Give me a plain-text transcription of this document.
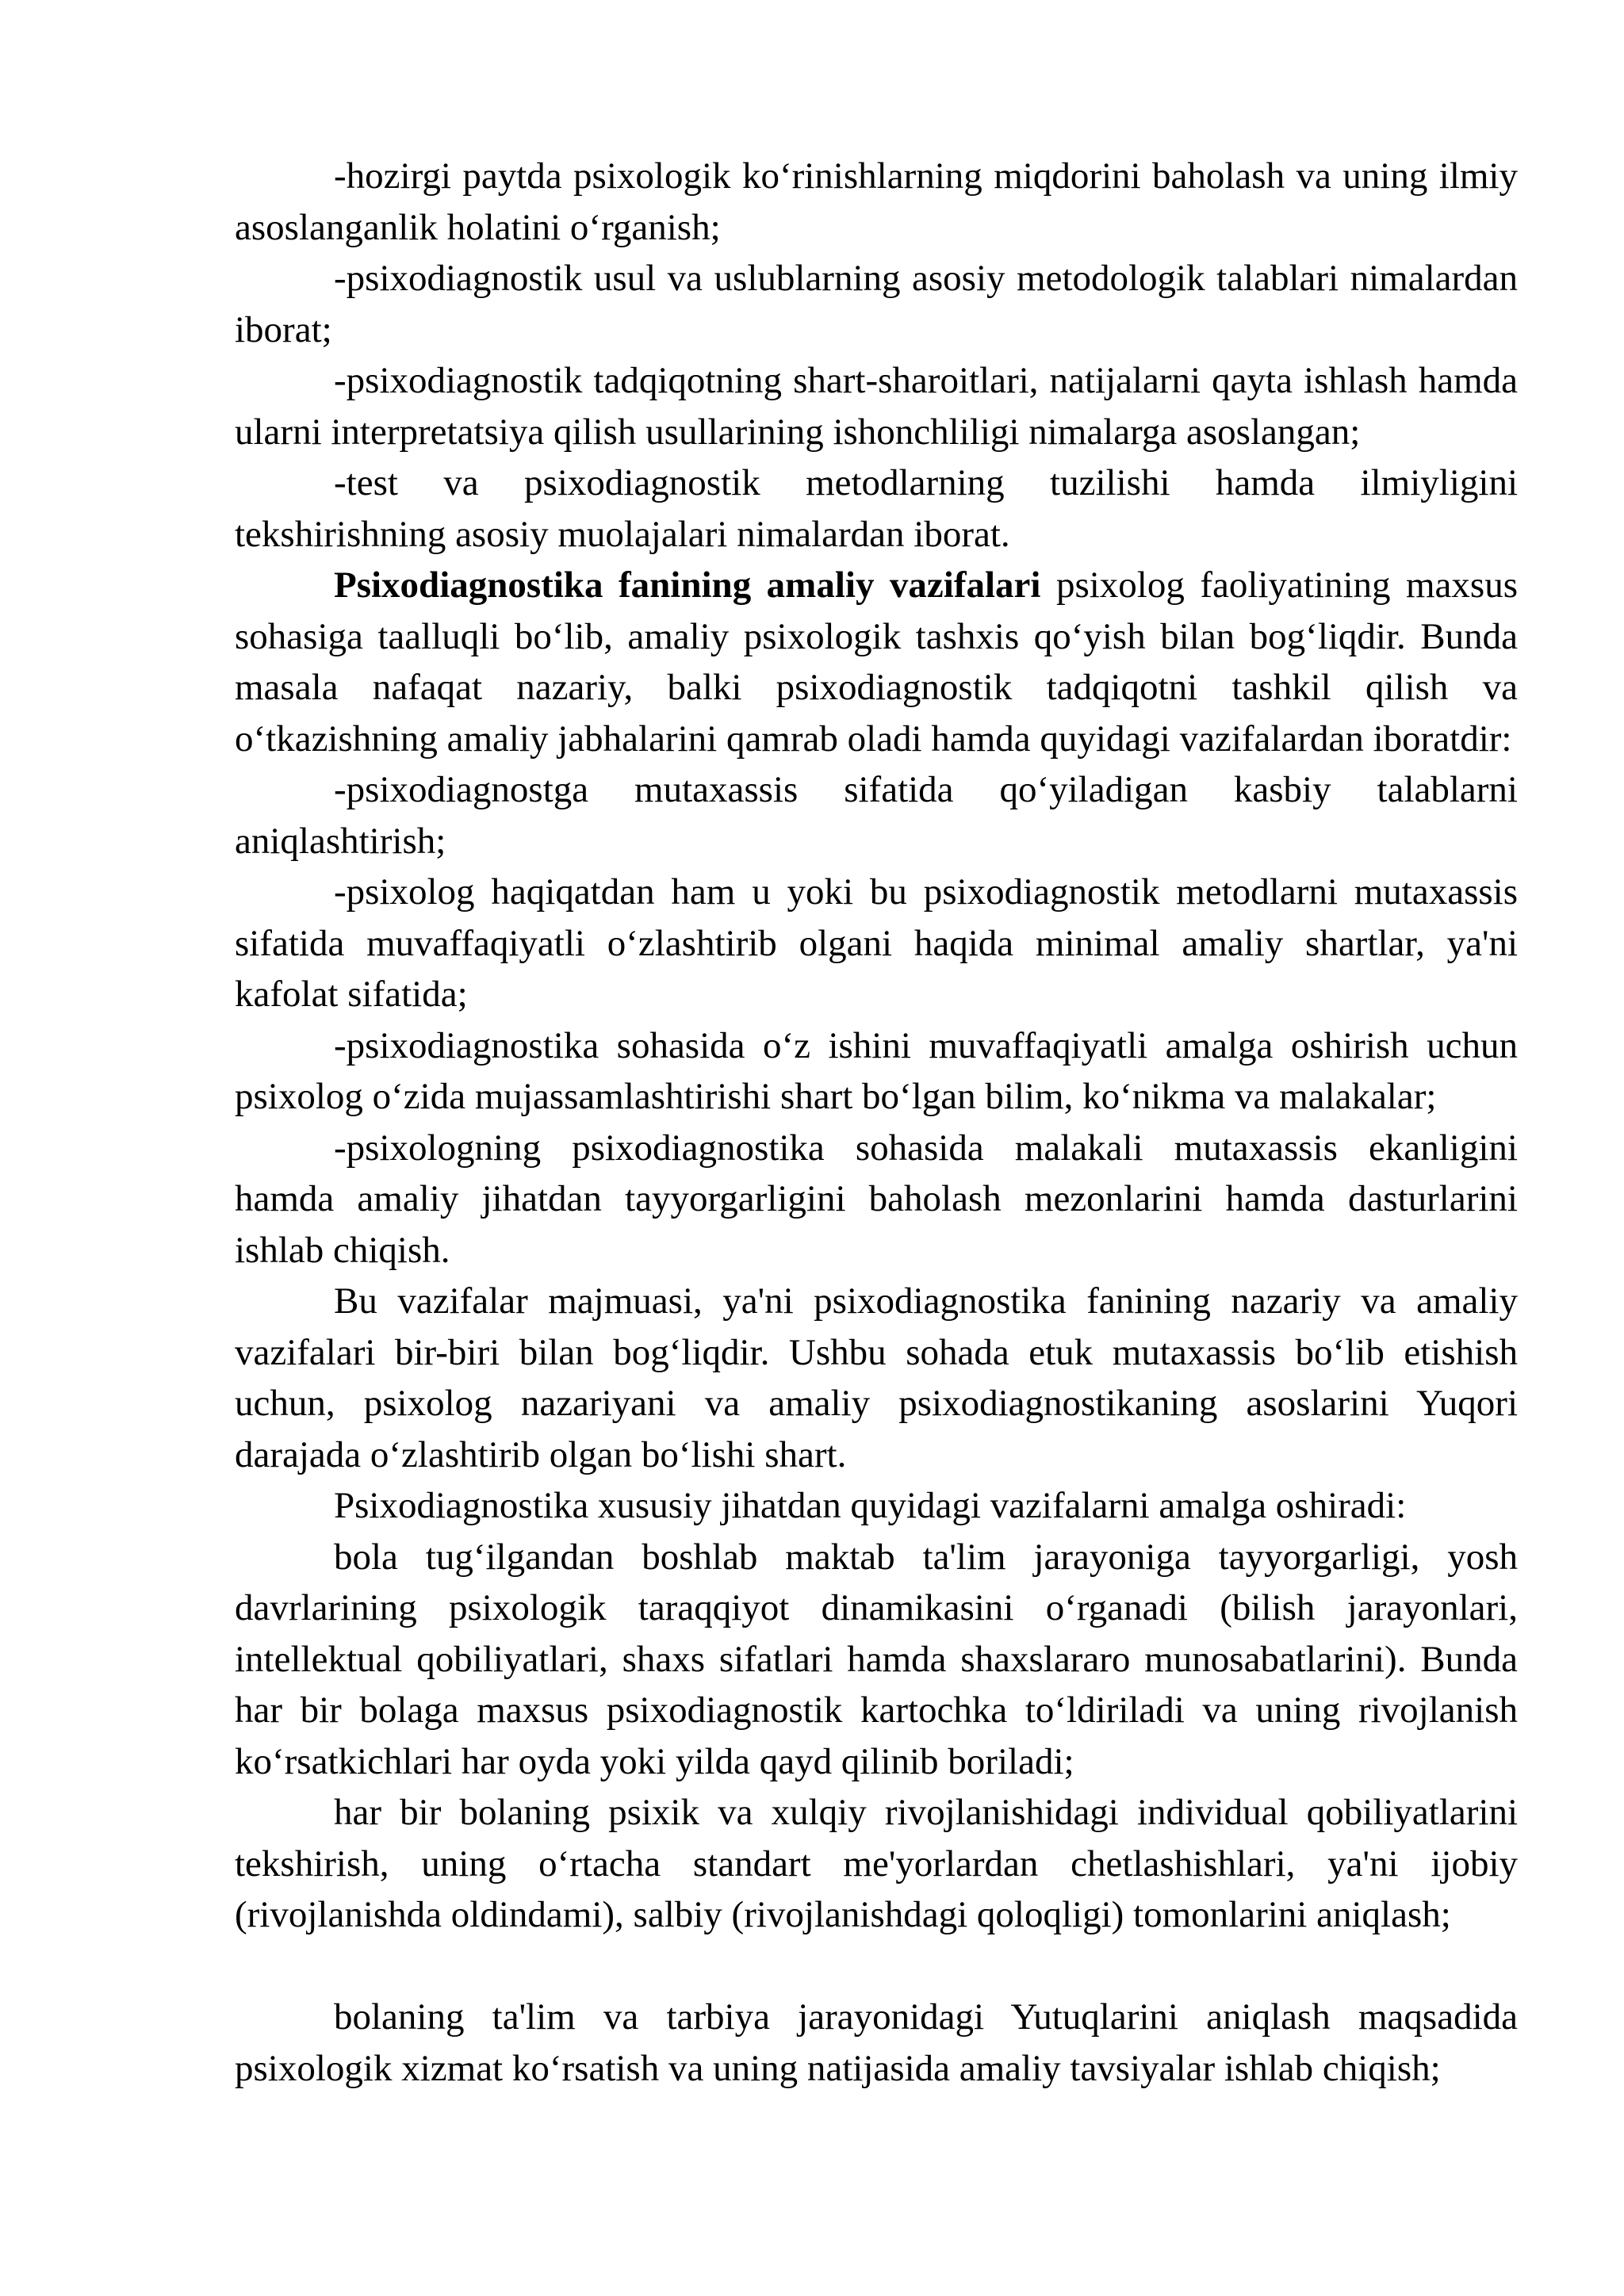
-hozirgi paytda psixologik ko‘rinishlarning miqdorini baholash va uning ilmiy asoslanganlik holatini o‘rganish;

-psixodiagnostik usul va uslublarning asosiy metodologik talablari nimalardan iborat;

-psixodiagnostik tadqiqotning shart-sharoitlari, natijalarni qayta ishlash hamda ularni interpretatsiya qilish usullarining ishonchliligi nimalarga asoslangan;

-test va psixodiagnostik metodlarning tuzilishi hamda ilmiyligini tekshirishning asosiy muolajalari nimalardan iborat.

Psixodiagnostika fanining amaliy vazifalari psixolog faoliyatining maxsus sohasiga taalluqli bo‘lib, amaliy psixologik tashxis qo‘yish bilan bog‘liqdir. Bunda masala nafaqat nazariy, balki psixodiagnostik tadqiqotni tashkil qilish va o‘tkazishning amaliy jabhalarini qamrab oladi hamda quyidagi vazifalardan iboratdir:

-psixodiagnostga mutaxassis sifatida qo‘yiladigan kasbiy talablarni aniqlashtirish;

-psixolog haqiqatdan ham u yoki bu psixodiagnostik metodlarni mutaxassis sifatida muvaffaqiyatli o‘zlashtirib olgani haqida minimal amaliy shartlar, ya'ni kafolat sifatida;

-psixodiagnostika sohasida o‘z ishini muvaffaqiyatli amalga oshirish uchun psixolog o‘zida mujassamlashtirishi shart bo‘lgan bilim, ko‘nikma va malakalar;

-psixologning psixodiagnostika sohasida malakali mutaxassis ekanligini hamda amaliy jihatdan tayyorgarligini baholash mezonlarini hamda dasturlarini ishlab chiqish.

Bu vazifalar majmuasi, ya'ni psixodiagnostika fanining nazariy va amaliy vazifalari bir-biri bilan bog‘liqdir. Ushbu sohada etuk mutaxassis bo‘lib etishish uchun, psixolog nazariyani va amaliy psixodiagnostikaning asoslarini Yuqori darajada o‘zlashtirib olgan bo‘lishi shart.

Psixodiagnostika xususiy jihatdan quyidagi vazifalarni amalga oshiradi:

bola tug‘ilgandan boshlab maktab ta'lim jarayoniga tayyorgarligi, yosh davrlarining psixologik taraqqiyot dinamikasini o‘rganadi (bilish jarayonlari, intellektual qobiliyatlari, shaxs sifatlari hamda shaxslararo munosabatlarini). Bunda har bir bolaga maxsus psixodiagnostik kartochka to‘ldiriladi va uning rivojlanish ko‘rsatkichlari har oyda yoki yilda qayd qilinib boriladi;

har bir bolaning psixik va xulqiy rivojlanishidagi individual qobiliyatlarini tekshirish, uning o‘rtacha standart me'yorlardan chetlashishlari, ya'ni ijobiy (rivojlanishda oldindami), salbiy (rivojlanishdagi qoloqligi) tomonlarini aniqlash;

bolaning ta'lim va tarbiya jarayonidagi Yutuqlarini aniqlash maqsadida psixologik xizmat ko‘rsatish va uning natijasida amaliy tavsiyalar ishlab chiqish;
